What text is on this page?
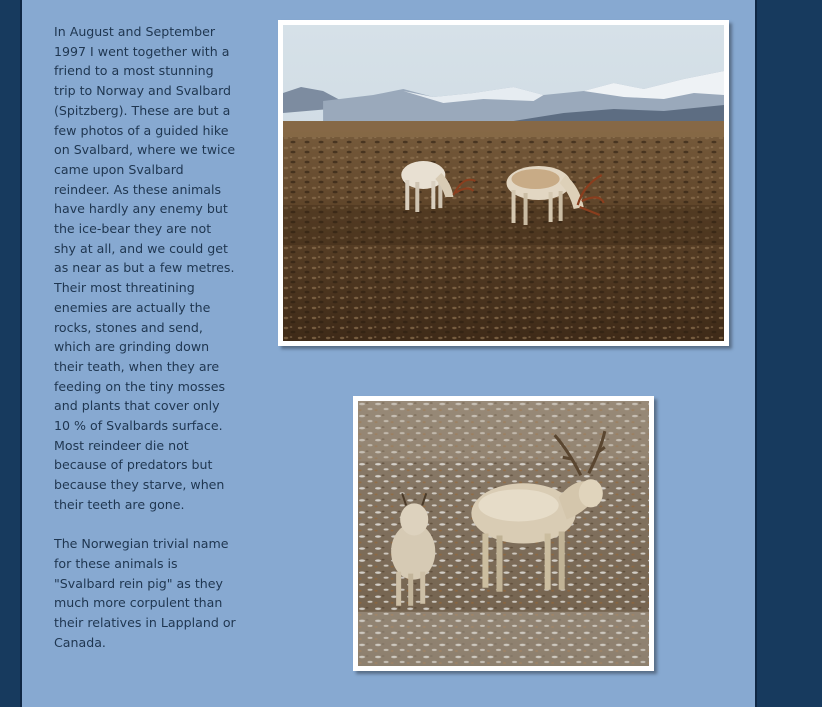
In August and September 1997 I went together with a friend to a most stunning trip to Norway and Svalbard (Spitzberg). These are but a few photos of a guided hike on Svalbard, where we twice came upon Svalbard reindeer. As these animals have hardly any enemy but the ice-bear they are not shy at all, and we could get as near as but a few metres. Their most threatining enemies are actually the rocks, stones and send, which are grinding down their teath, when they are feeding on the tiny mosses and plants that cover only 10 % of Svalbards surface. Most reindeer die not because of predators but because they starve, when their teeth are gone.

The Norwegian trivial name for these animals is "Svalbard rein pig" as they much more corpulent than their relatives in Lappland or Canada.
